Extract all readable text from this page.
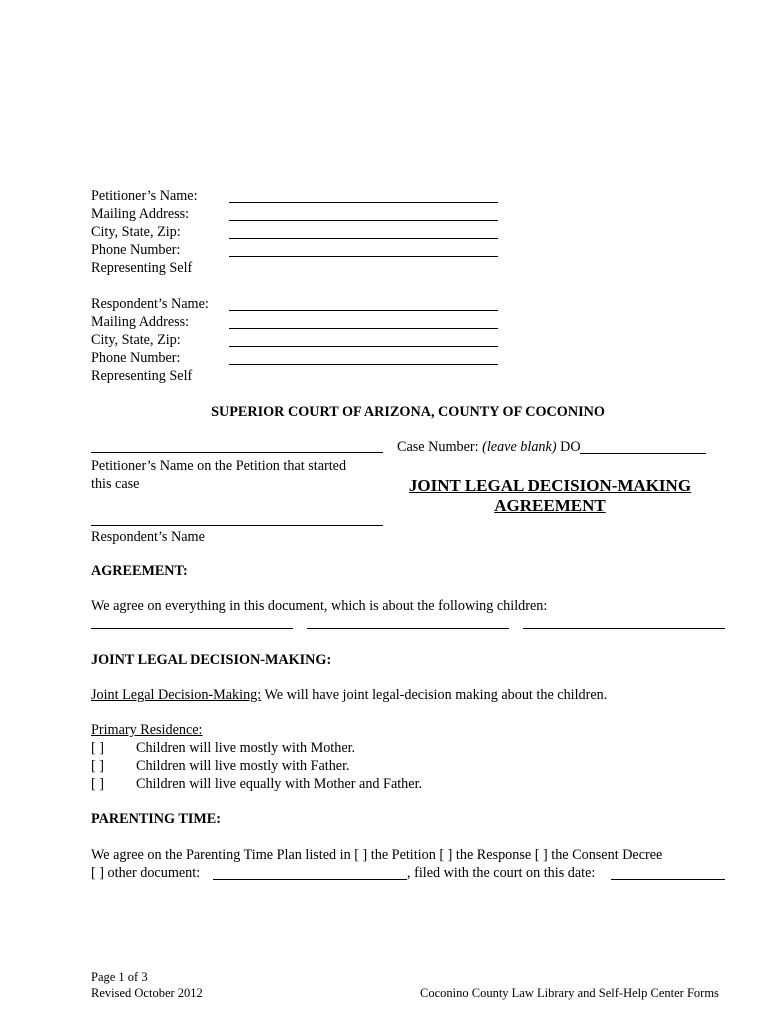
Petitioner’s Name:
Mailing Address:
City, State, Zip:
Phone Number:
Representing Self
Respondent’s Name:
Mailing Address:
City, State, Zip:
Phone Number:
Representing Self
SUPERIOR COURT OF ARIZONA, COUNTY OF COCONINO
Petitioner’s Name on the Petition that started
this case
Case Number: (leave blank) DO
JOINT LEGAL DECISION-MAKING
AGREEMENT
Respondent’s Name
AGREEMENT:
We agree on everything in this document, which is about the following children:
JOINT LEGAL DECISION-MAKING:
Joint Legal Decision-Making: We will have joint legal-decision making about the children.
Primary Residence:
[ ] Children will live mostly with Mother.
[ ] Children will live mostly with Father.
[ ] Children will live equally with Mother and Father.
PARENTING TIME:
We agree on the Parenting Time Plan listed in [ ] the Petition [ ] the Response [ ] the Consent Decree
[ ] other document:	, filed with the court on this date:
Page 1 of 3
Revised October 2012	Coconino County Law Library and Self-Help Center Forms
